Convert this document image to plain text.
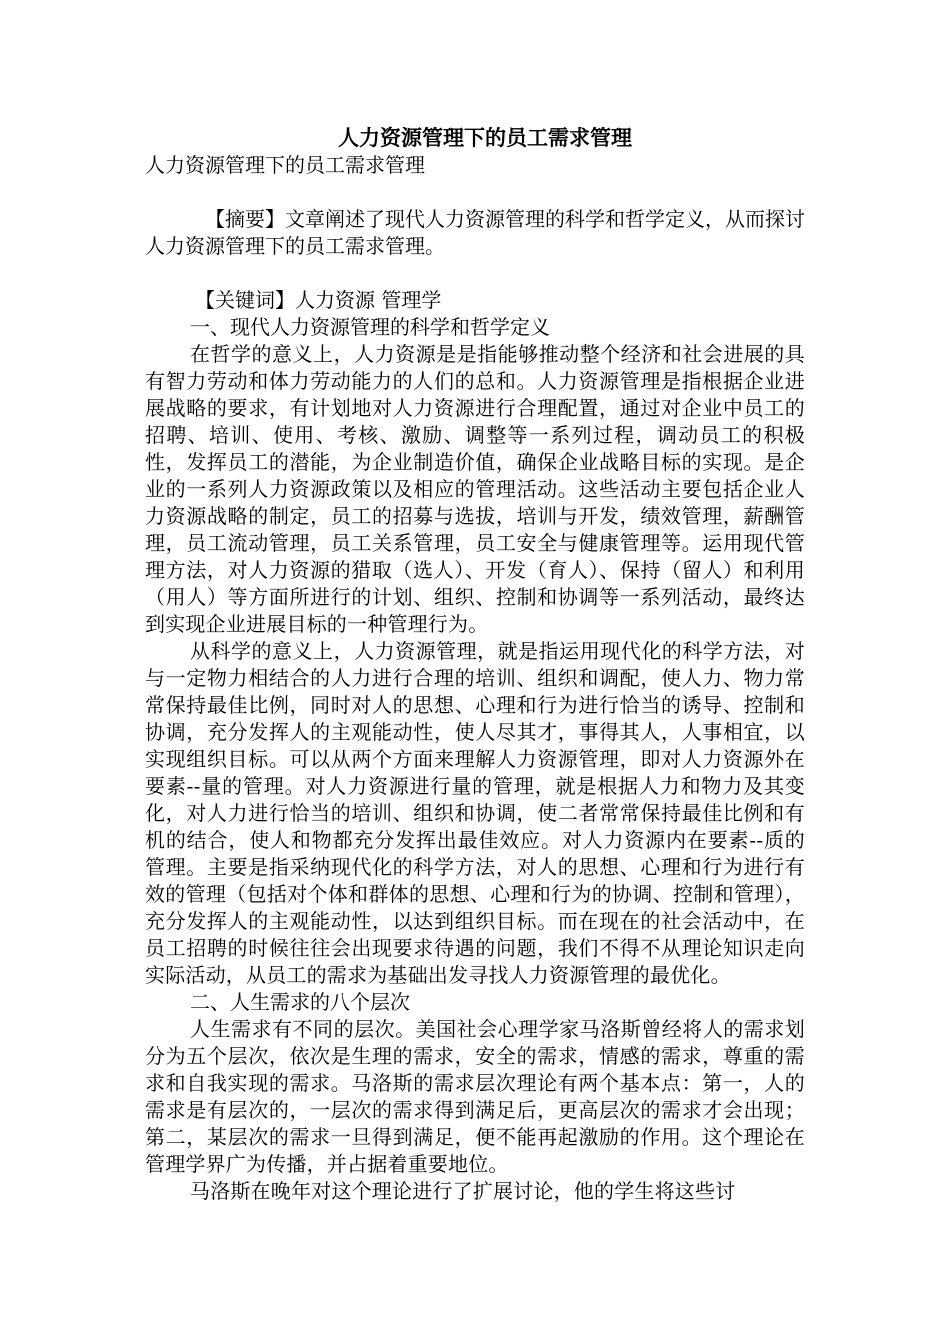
人力资源管理下的员工需求管理

人力资源管理下的员工需求管理

【摘要】文章阐述了现代人力资源管理的科学和哲学定义，从而探讨人力资源管理下的员工需求管理。

【关键词】人力资源 管理学

一、现代人力资源管理的科学和哲学定义

在哲学的意义上，人力资源是是指能够推动整个经济和社会进展的具有智力劳动和体力劳动能力的人们的总和。人力资源管理是指根据企业进展战略的要求，有计划地对人力资源进行合理配置，通过对企业中员工的招聘、培训、使用、考核、激励、调整等一系列过程，调动员工的积极性，发挥员工的潜能，为企业制造价值，确保企业战略目标的实现。是企业的一系列人力资源政策以及相应的管理活动。这些活动主要包括企业人力资源战略的制定，员工的招募与选拔，培训与开发，绩效管理，薪酬管理，员工流动管理，员工关系管理，员工安全与健康管理等。运用现代管理方法，对人力资源的猎取（选人）、开发（育人）、保持（留人）和利用（用人）等方面所进行的计划、组织、控制和协调等一系列活动，最终达到实现企业进展目标的一种管理行为。

从科学的意义上，人力资源管理，就是指运用现代化的科学方法，对与一定物力相结合的人力进行合理的培训、组织和调配，使人力、物力常常保持最佳比例，同时对人的思想、心理和行为进行恰当的诱导、控制和协调，充分发挥人的主观能动性，使人尽其才，事得其人，人事相宜，以实现组织目标。可以从两个方面来理解人力资源管理，即对人力资源外在要素--量的管理。对人力资源进行量的管理，就是根据人力和物力及其变化，对人力进行恰当的培训、组织和协调，使二者常常保持最佳比例和有机的结合，使人和物都充分发挥出最佳效应。对人力资源内在要素--质的管理。主要是指采纳现代化的科学方法，对人的思想、心理和行为进行有效的管理（包括对个体和群体的思想、心理和行为的协调、控制和管理），充分发挥人的主观能动性，以达到组织目标。而在现在的社会活动中，在员工招聘的时候往往会出现要求待遇的问题，我们不得不从理论知识走向实际活动，从员工的需求为基础出发寻找人力资源管理的最优化。

二、人生需求的八个层次

人生需求有不同的层次。美国社会心理学家马洛斯曾经将人的需求划分为五个层次，依次是生理的需求，安全的需求，情感的需求，尊重的需求和自我实现的需求。马洛斯的需求层次理论有两个基本点：第一，人的需求是有层次的，一层次的需求得到满足后，更高层次的需求才会出现；第二，某层次的需求一旦得到满足，便不能再起激励的作用。这个理论在管理学界广为传播，并占据着重要地位。

马洛斯在晚年对这个理论进行了扩展讨论，他的学生将这些讨
